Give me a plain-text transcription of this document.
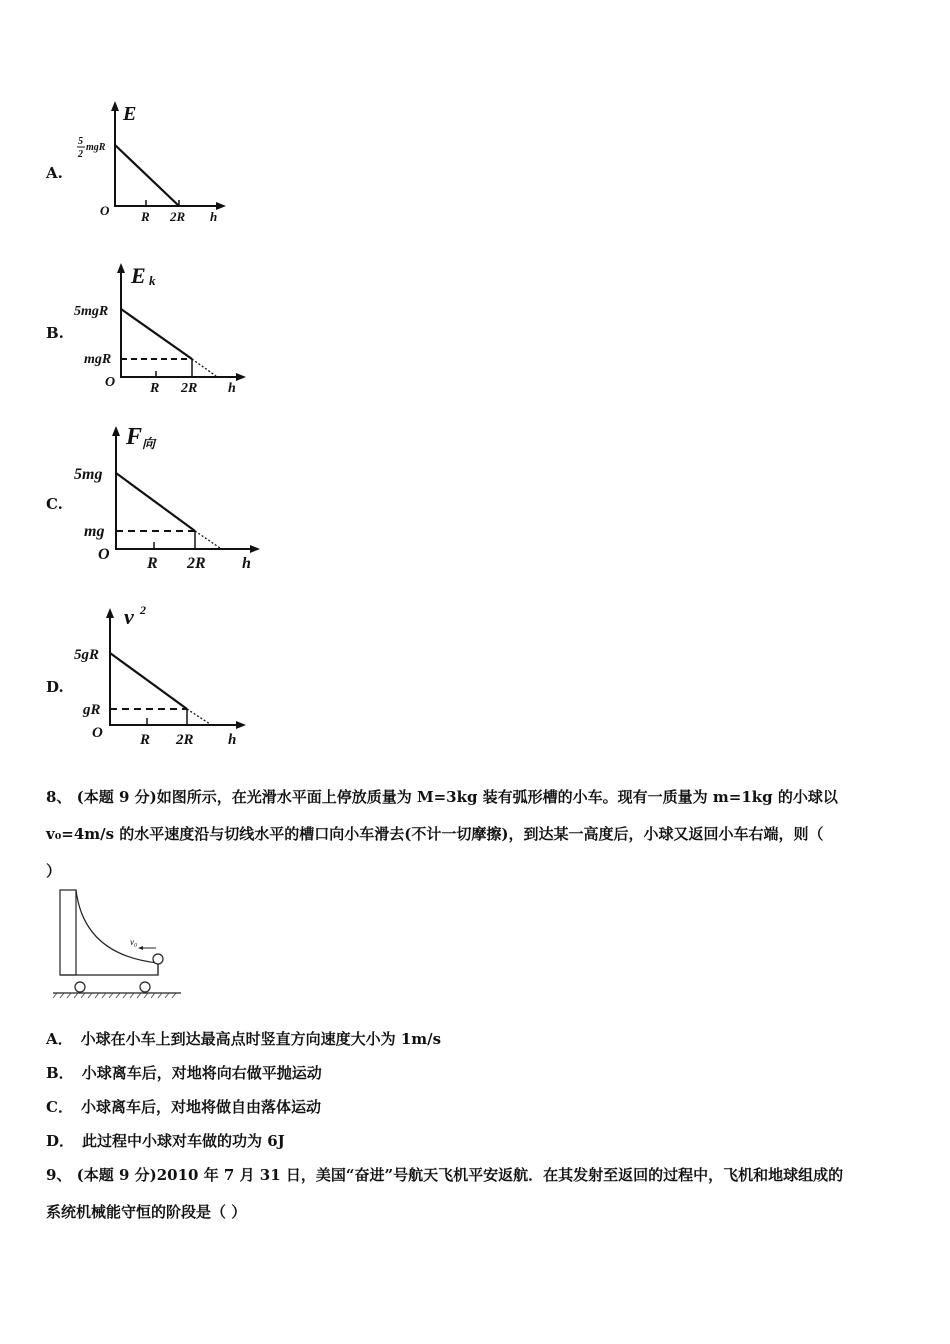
A.
E
5
2
mgR
O R 2R h
B.
E k
5mgR
mgR
O R 2R h
C.
F 向
5mg
mg
O
R 2R h
D.
v 2
5gR
gR
O R 2R h
8、 (本题 9 分)如图所示，在光滑水平面上停放质量为 M=3kg 装有弧形槽的小车。现有一质量为 m=1kg 的小球以
v₀=4m/s 的水平速度沿与切线水平的槽口向小车滑去(不计一切摩擦)，到达某一高度后，小球又返回小车右端，则（
）
v₀
A． 小球在小车上到达最高点时竖直方向速度大小为 1m/s
B． 小球离车后，对地将向右做平抛运动
C． 小球离车后，对地将做自由落体运动
D． 此过程中小球对车做的功为 6J
9、 (本题 9 分)2010 年 7 月 31 日，美国“奋进”号航天飞机平安返航．在其发射至返回的过程中，飞机和地球组成的
系统机械能守恒的阶段是（ ）
